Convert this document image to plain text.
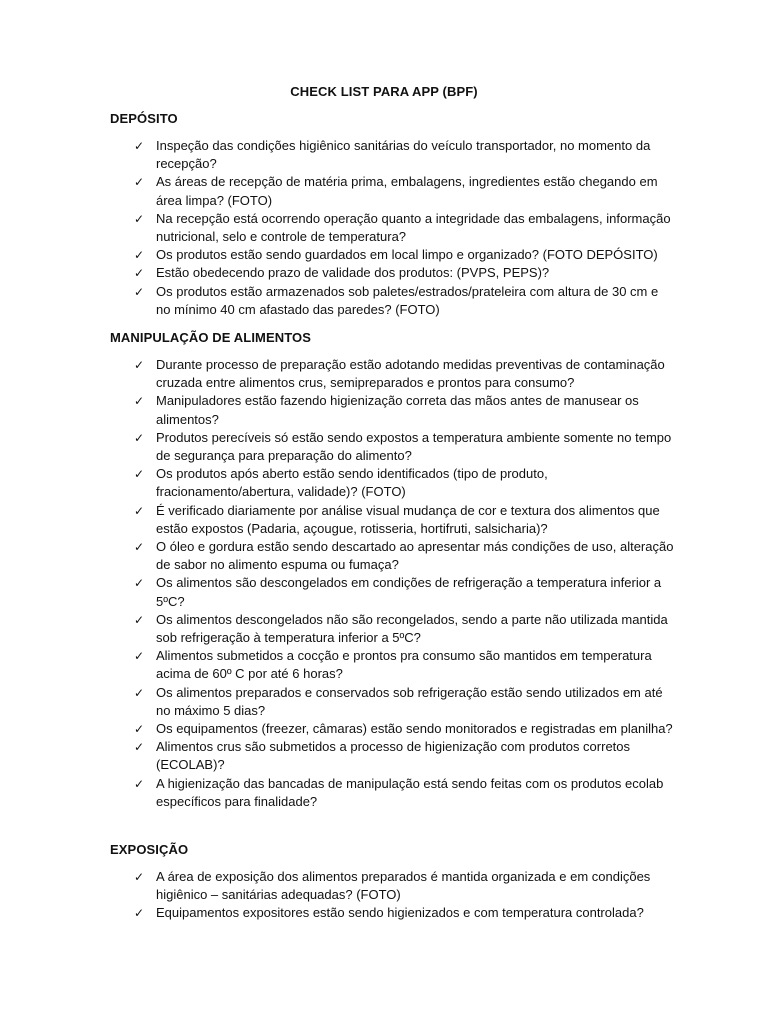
CHECK LIST PARA APP (BPF)
DEPÓSITO
✓ Inspeção das condições higiênico sanitárias do veículo transportador, no momento da recepção?
✓ As áreas de recepção de matéria prima, embalagens, ingredientes estão chegando em área limpa? (FOTO)
✓ Na recepção está ocorrendo operação quanto a integridade das embalagens, informação nutricional, selo e controle de temperatura?
✓ Os produtos estão sendo guardados em local limpo e organizado? (FOTO DEPÓSITO)
✓ Estão obedecendo prazo de validade dos produtos: (PVPS, PEPS)?
✓ Os produtos estão armazenados sob paletes/estrados/prateleira com altura de 30 cm e no mínimo 40 cm afastado das paredes? (FOTO)
MANIPULAÇÃO DE ALIMENTOS
✓ Durante processo de preparação estão adotando medidas preventivas de contaminação cruzada entre alimentos crus, semipreparados e prontos para consumo?
✓ Manipuladores estão fazendo higienização correta das mãos antes de manusear os alimentos?
✓ Produtos perecíveis só estão sendo expostos a temperatura ambiente somente no tempo de segurança para preparação do alimento?
✓ Os produtos após aberto estão sendo identificados (tipo de produto, fracionamento/abertura, validade)? (FOTO)
✓ É verificado diariamente por análise visual mudança de cor e textura dos alimentos que estão expostos (Padaria, açougue, rotisseria, hortifruti, salsicharia)?
✓ O óleo e gordura estão sendo descartado ao apresentar más condições de uso, alteração de sabor no alimento espuma ou fumaça?
✓ Os alimentos são descongelados em condições de refrigeração a temperatura inferior a 5ºC?
✓ Os alimentos descongelados não são recongelados, sendo a parte não utilizada mantida sob refrigeração à temperatura inferior a 5ºC?
✓ Alimentos submetidos a cocção e prontos pra consumo são mantidos em temperatura acima de 60º C por até 6 horas?
✓ Os alimentos preparados e conservados sob refrigeração estão sendo utilizados em até no máximo 5 dias?
✓ Os equipamentos (freezer, câmaras) estão sendo monitorados e registradas em planilha?
✓ Alimentos crus são submetidos a processo de higienização com produtos corretos (ECOLAB)?
✓ A higienização das bancadas de manipulação está sendo feitas com os produtos ecolab específicos para finalidade?
EXPOSIÇÃO
✓ A área de exposição dos alimentos preparados é mantida organizada e em condições higiênico – sanitárias adequadas? (FOTO)
✓ Equipamentos expositores estão sendo higienizados e com temperatura controlada?
